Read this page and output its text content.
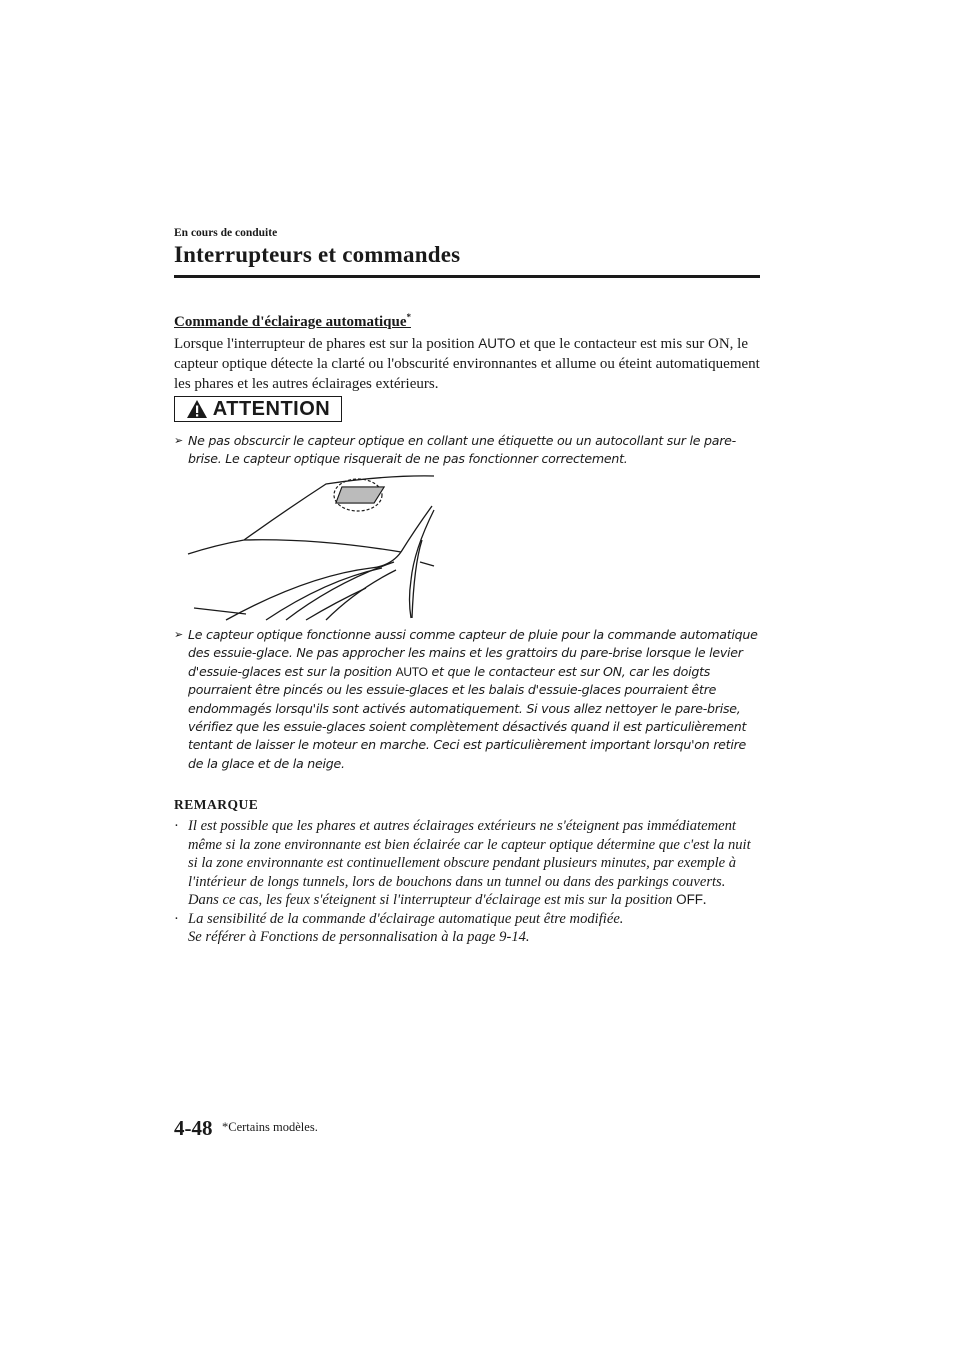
En cours de conduite
Interrupteurs et commandes
Commande d'éclairage automatique*
Lorsque l'interrupteur de phares est sur la position AUTO et que le contacteur est mis sur ON, le capteur optique détecte la clarté ou l'obscurité environnantes et allume ou éteint automatiquement les phares et les autres éclairages extérieurs.
ATTENTION
➢ Ne pas obscurcir le capteur optique en collant une étiquette ou un autocollant sur le pare-brise. Le capteur optique risquerait de ne pas fonctionner correctement.
➢ Le capteur optique fonctionne aussi comme capteur de pluie pour la commande automatique des essuie-glace. Ne pas approcher les mains et les grattoirs du pare-brise lorsque le levier d'essuie-glaces est sur la position AUTO et que le contacteur est sur ON, car les doigts pourraient être pincés ou les essuie-glaces et les balais d'essuie-glaces pourraient être endommagés lorsqu'ils sont activés automatiquement. Si vous allez nettoyer le pare-brise, vérifiez que les essuie-glaces soient complètement désactivés quand il est particulièrement tentant de laisser le moteur en marche. Ceci est particulièrement important lorsqu'on retire de la glace et de la neige.
REMARQUE
· Il est possible que les phares et autres éclairages extérieurs ne s'éteignent pas immédiatement même si la zone environnante est bien éclairée car le capteur optique détermine que c'est la nuit si la zone environnante est continuellement obscure pendant plusieurs minutes, par exemple à l'intérieur de longs tunnels, lors de bouchons dans un tunnel ou dans des parkings couverts.
Dans ce cas, les feux s'éteignent si l'interrupteur d'éclairage est mis sur la position OFF.
· La sensibilité de la commande d'éclairage automatique peut être modifiée.
Se référer à Fonctions de personnalisation à la page 9-14.
4-48 *Certains modèles.
